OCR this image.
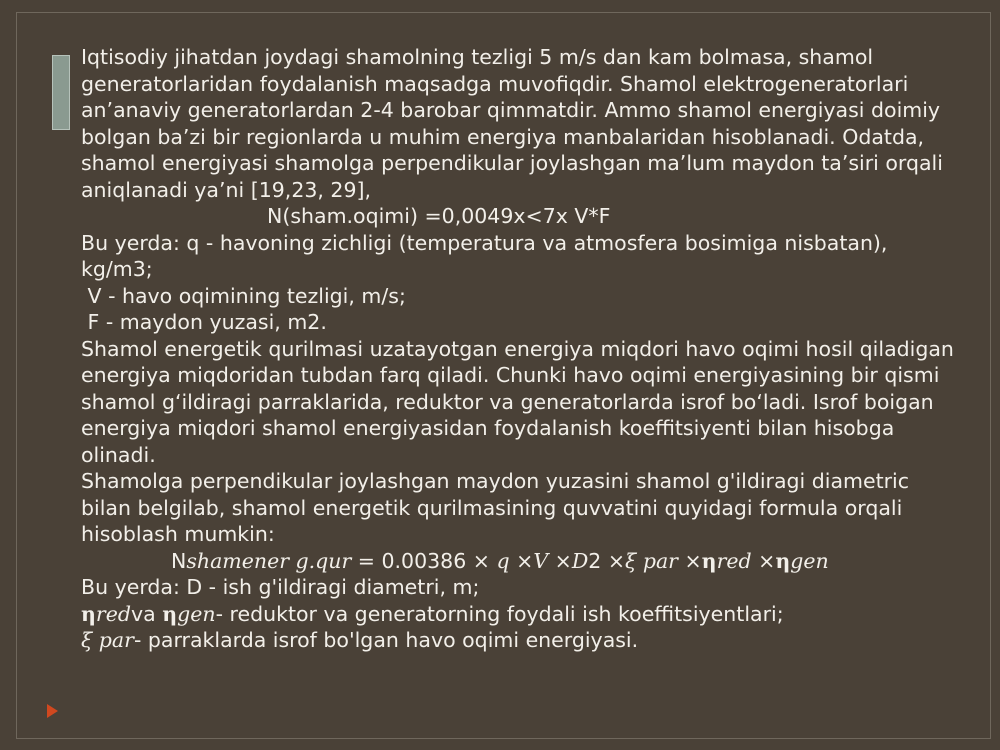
Iqtisodiy jihatdan joydagi shamolning tezligi 5 m/s dan kam bolmasa, shamol generatorlaridan foydalanish maqsadga muvofiqdir. Shamol elektrogeneratorlari an’anaviy generatorlardan 2-4 barobar qimmatdir. Ammo shamol energiyasi doimiy bolgan ba’zi bir regionlarda u muhim energiya manbalaridan hisoblanadi. Odatda, shamol energiyasi shamolga perpendikular joylashgan ma’lum maydon ta’siri orqali aniqlanadi ya’ni [19,23, 29],

N(sham.oqimi) =0,0049x<7x V*F

Bu yerda: q - havoning zichligi (temperatura va atmosfera bosimiga nisbatan), kg/m3;

V - havo oqimining tezligi, m/s;

F - maydon yuzasi, m2.

Shamol energetik qurilmasi uzatayotgan energiya miqdori havo oqimi hosil qiladigan energiya miqdoridan tubdan farq qiladi. Chunki havo oqimi energiyasining bir qismi shamol g‘ildiragi parraklarida, reduktor va generatorlarda isrof bo‘ladi. Isrof boigan energiya miqdori shamol energiyasidan foydalanish koeffitsiyenti bilan hisobga olinadi.

Shamolga perpendikular joylashgan maydon yuzasini shamol g'ildiragi diametric bilan belgilab, shamol energetik qurilmasining quvvatini quyidagi formula orqali hisoblash mumkin:

Nshamener g.qur = 0.00386 × q ×V ×D2 ×ξ par ×ηred ×ηgen

Bu yerda: D - ish g'ildiragi diametri, m;

ηredva ηgen- reduktor va generatorning foydali ish koeffitsiyentlari;

ξ par- parraklarda isrof bo'lgan havo oqimi energiyasi.
